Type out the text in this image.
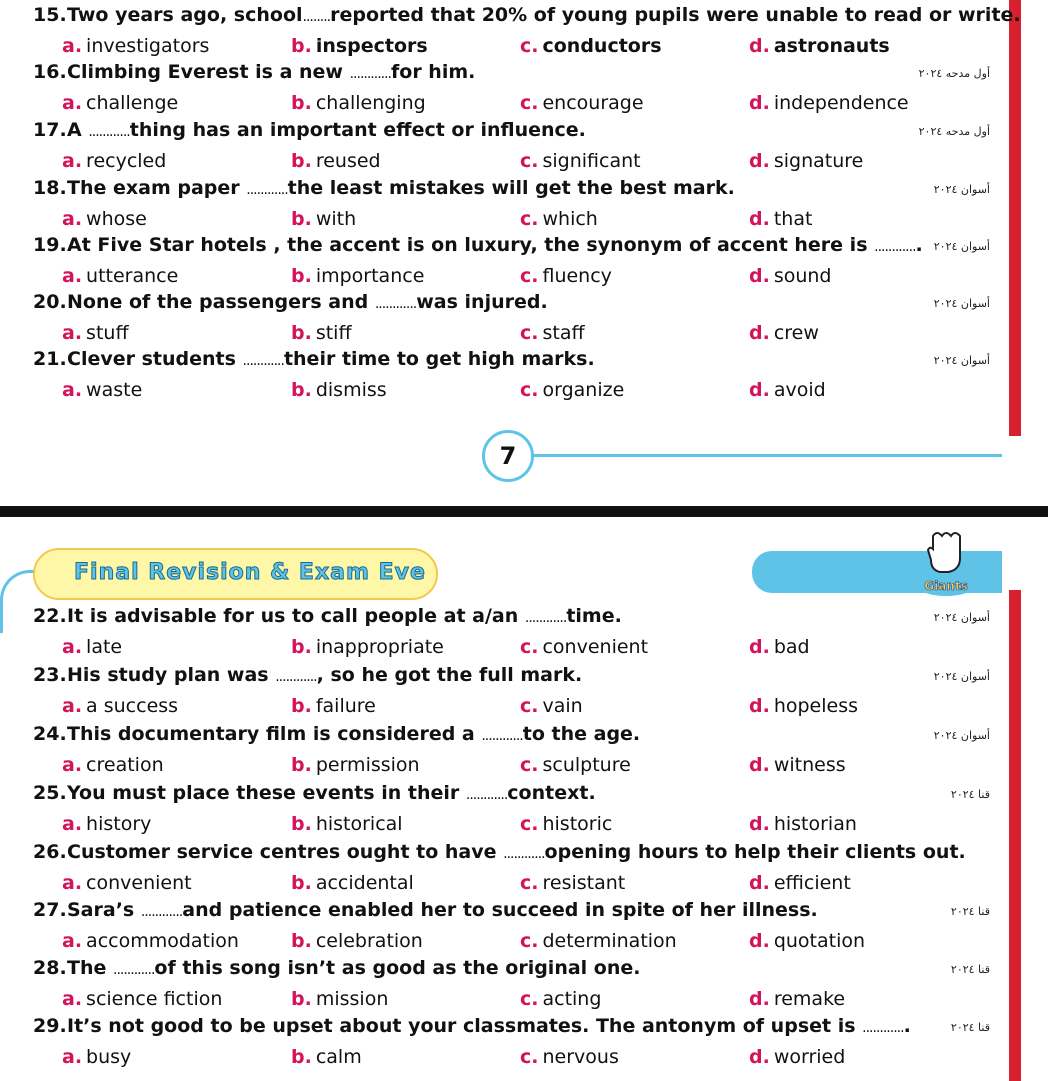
7
Final Revision & Exam Eve
Giants
15.Two years ago, school........reported that 20% of young pupils were unable to read or write.
a. investigators	b. inspectors	c. conductors	d. astronauts
16.Climbing Everest is a new ............for him.	أول مدحه ٢٠٢٤
a. challenge	b. challenging	c. encourage	d. independence
17.A ............thing has an important effect or influence.	أول مدحه ٢٠٢٤
a. recycled	b. reused	c. significant	d. signature
18.The exam paper ............the least mistakes will get the best mark.	أسوان ٢٠٢٤
a. whose	b. with	c. which	d. that
19.At Five Star hotels , the accent is on luxury, the synonym of accent here is ............. أسوان ٢٠٢٤
a. utterance	b. importance	c. fluency	d. sound
20.None of the passengers and ............was injured.	أسوان ٢٠٢٤
a. stuff	b. stiff	c. staff	d. crew
21.Clever students ............their time to get high marks.	أسوان ٢٠٢٤
a. waste	b. dismiss	c. organize	d. avoid
22.It is advisable for us to call people at a/an ............time.	أسوان ٢٠٢٤
a. late	b. inappropriate	c. convenient	d. bad
23.His study plan was ............, so he got the full mark.	أسوان ٢٠٢٤
a. a success	b. failure	c. vain	d. hopeless
24.This documentary film is considered a ............to the age.	أسوان ٢٠٢٤
a. creation	b. permission	c. sculpture	d. witness
25.You must place these events in their ............context.	قنا ٢٠٢٤
a. history	b. historical	c. historic	d. historian
26.Customer service centres ought to have ............opening hours to help their clients out.
a. convenient	b. accidental	c. resistant	d. efficient
27.Sara’s ............and patience enabled her to succeed in spite of her illness.	قنا ٢٠٢٤
a. accommodation	b. celebration	c. determination	d. quotation
28.The ............of this song isn’t as good as the original one.	قنا ٢٠٢٤
a. science fiction	b. mission	c. acting	d. remake
29.It’s not good to be upset about your classmates. The antonym of upset is .............	قنا ٢٠٢٤
a. busy	b. calm	c. nervous	d. worried
